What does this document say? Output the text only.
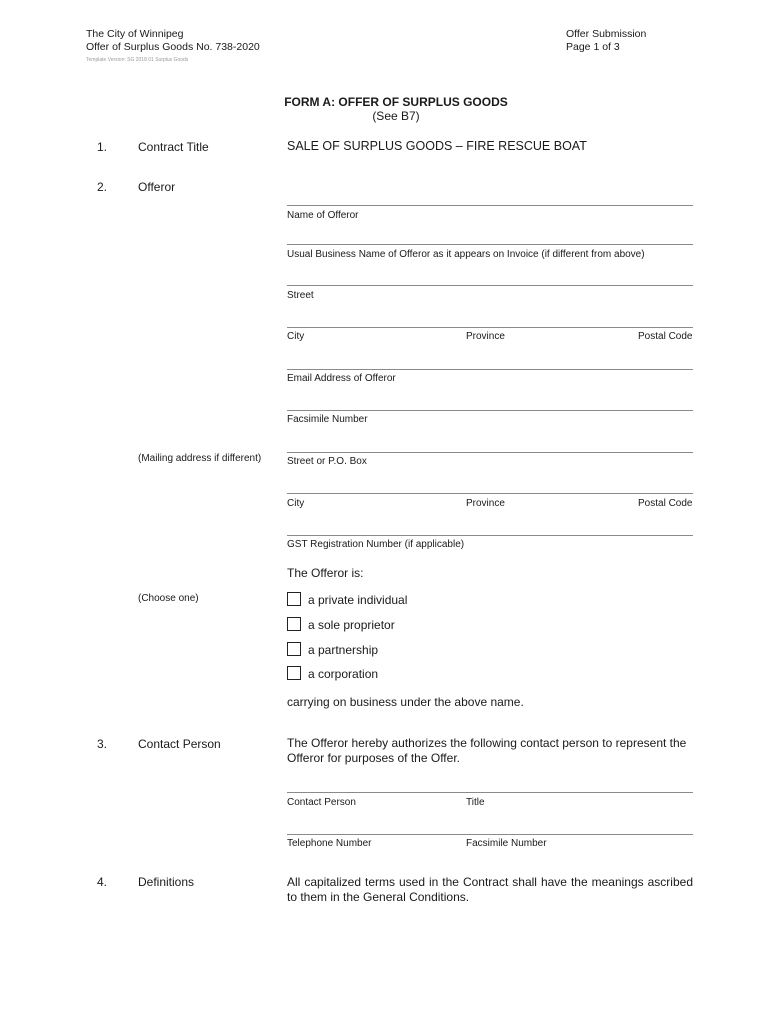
The City of Winnipeg
Offer of Surplus Goods No. 738-2020
Template Version: SG 2018 01 Surplus Goods
Offer Submission
Page 1 of 3
FORM A: OFFER OF SURPLUS GOODS
(See B7)
1.	Contract Title	SALE OF SURPLUS GOODS – FIRE RESCUE BOAT
2.	Offeror
Name of Offeror
Usual Business Name of Offeror as it appears on Invoice (if different from above)
Street
City	Province	Postal Code
Email Address of Offeror
Facsimile Number
(Mailing address if different)	Street or P.O. Box
City	Province	Postal Code
GST Registration Number (if applicable)
The Offeror is:
(Choose one)	a private individual
a sole proprietor
a partnership
a corporation
carrying on business under the above name.
3.	Contact Person	The Offeror hereby authorizes the following contact person to represent the Offeror for purposes of the Offer.
Contact Person	Title
Telephone Number	Facsimile Number
4.	Definitions	All capitalized terms used in the Contract shall have the meanings ascribed to them in the General Conditions.
